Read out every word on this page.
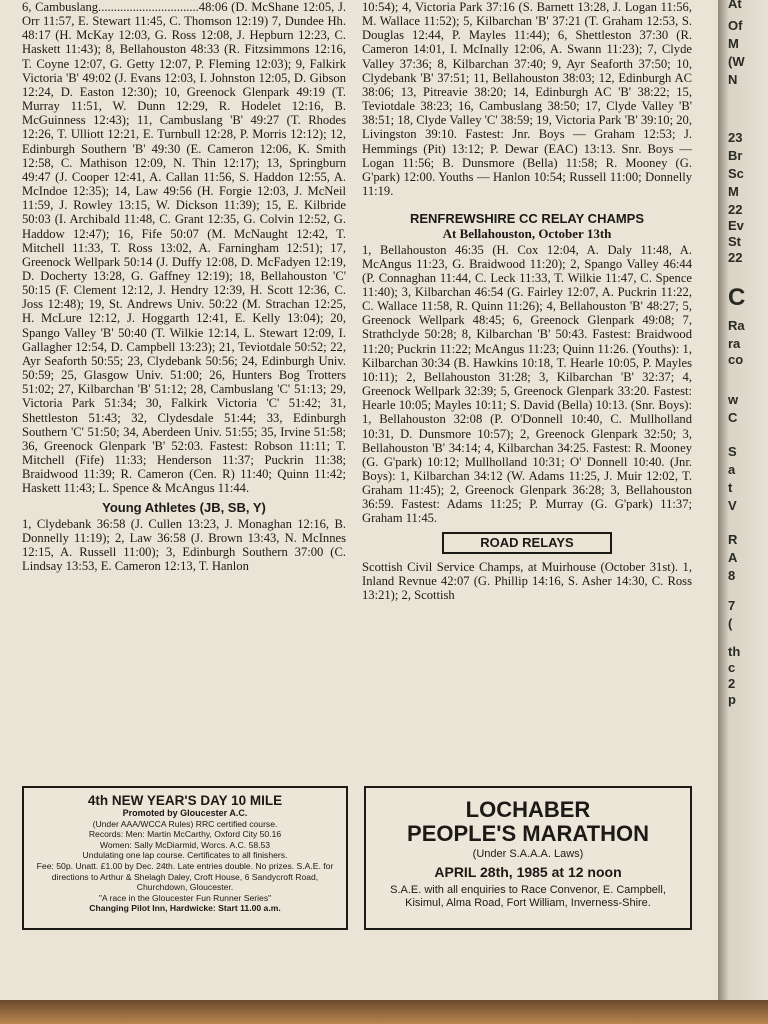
6, Cambuslang................................48:06 (D. McShane 12:05, J. Orr 11:57, E. Stewart 11:45, C. Thomson 12:19) 7, Dundee Hh. 48:17 (H. McKay 12:03, G. Ross 12:08, J. Hepburn 12:23, C. Haskett 11:43); 8, Bellahouston 48:33 (R. Fitzsimmons 12:16, T. Coyne 12:07, G. Getty 12:07, P. Fleming 12:03); 9, Falkirk Victoria 'B' 49:02 (J. Evans 12:03, I. Johnston 12:05, D. Gibson 12:24, D. Easton 12:30); 10, Greenock Glenpark 49:19 (T. Murray 11:51, W. Dunn 12:29, R. Hodelet 12:16, B. McGuinness 12:43); 11, Cambuslang 'B' 49:27 (T. Rhodes 12:26, T. Ulliott 12:21, E. Turnbull 12:28, P. Morris 12:12); 12, Edinburgh Southern 'B' 49:30 (E. Cameron 12:06, K. Smith 12:58, C. Mathison 12:09, N. Thin 12:17); 13, Springburn 49:47 (J. Cooper 12:41, A. Callan 11:56, S. Haddon 12:55, A. McIndoe 12:35); 14, Law 49:56 (H. Forgie 12:03, J. McNeil 11:59, J. Rowley 13:15, W. Dickson 11:39); 15, E. Kilbride 50:03 (I. Archibald 11:48, C. Grant 12:35, G. Colvin 12:52, G. Haddow 12:47); 16, Fife 50:07 (M. McNaught 12:42, T. Mitchell 11:33, T. Ross 13:02, A. Farningham 12:51); 17, Greenock Wellpark 50:14 (J. Duffy 12:08, D. McFadyen 12:19, D. Docherty 13:28, G. Gaffney 12:19); 18, Bellahouston 'C' 50:15 (F. Clement 12:12, J. Hendry 12:39, H. Scott 12:36, C. Joss 12:48); 19, St. Andrews Univ. 50:22 (M. Strachan 12:25, H. McLure 12:12, J. Hoggarth 12:41, E. Kelly 13:04); 20, Spango Valley 'B' 50:40 (T. Wilkie 12:14, L. Stewart 12:09, I. Gallagher 12:54, D. Campbell 13:23); 21, Teviotdale 50:52; 22, Ayr Seaforth 50:55; 23, Clydebank 50:56; 24, Edinburgh Univ. 50:59; 25, Glasgow Univ. 51:00; 26, Hunters Bog Trotters 51:02; 27, Kilbarchan 'B' 51:12; 28, Cambuslang 'C' 51:13; 29, Victoria Park 51:34; 30, Falkirk Victoria 'C' 51:42; 31, Shettleston 51:43; 32, Clydesdale 51:44; 33, Edinburgh Southern 'C' 51:50; 34, Aberdeen Univ. 51:55; 35, Irvine 51:58; 36, Greenock Glenpark 'B' 52:03. Fastest: Robson 11:11; T. Mitchell (Fife) 11:33; Henderson 11:37; Puckrin 11:38; Braidwood 11:39; R. Cameron (Cen. R) 11:40; Quinn 11:42; Haskett 11:43; L. Spence & McAngus 11:44.

Young Athletes (JB, SB, Y)

1, Clydebank 36:58 (J. Cullen 13:23, J. Monaghan 12:16, B. Donnelly 11:19); 2, Law 36:58 (J. Brown 13:43, N. McInnes 12:15, A. Russell 11:00); 3, Edinburgh Southern 37:00 (C. Lindsay 13:53, E. Cameron 12:13, T. Hanlon

10:54); 4, Victoria Park 37:16 (S. Barnett 13:28, J. Logan 11:56, M. Wallace 11:52); 5, Kilbarchan 'B' 37:21 (T. Graham 12:53, S. Douglas 12:44, P. Mayles 11:44); 6, Shettleston 37:30 (R. Cameron 14:01, I. McInally 12:06, A. Swann 11:23); 7, Clyde Valley 37:36; 8, Kilbarchan 37:40; 9, Ayr Seaforth 37:50; 10, Clydebank 'B' 37:51; 11, Bellahouston 38:03; 12, Edinburgh AC 38:06; 13, Pitreavie 38:20; 14, Edinburgh AC 'B' 38:22; 15, Teviotdale 38:23; 16, Cambuslang 38:50; 17, Clyde Valley 'B' 38:51; 18, Clyde Valley 'C' 38:59; 19, Victoria Park 'B' 39:10; 20, Livingston 39:10. Fastest: Jnr. Boys — Graham 12:53; J. Hemmings (Pit) 13:12; P. Dewar (EAC) 13:13. Snr. Boys — Logan 11:56; B. Dunsmore (Bella) 11:58; R. Mooney (G. G'park) 12:00. Youths — Hanlon 10:54; Russell 11:00; Donnelly 11:19.

RENFREWSHIRE CC RELAY CHAMPS
At Bellahouston, October 13th

1, Bellahouston 46:35 (H. Cox 12:04, A. Daly 11:48, A. McAngus 11:23, G. Braidwood 11:20); 2, Spango Valley 46:44 (P. Connaghan 11:44, C. Leck 11:33, T. Wilkie 11:47, C. Spence 11:40); 3, Kilbarchan 46:54 (G. Fairley 12:07, A. Puckrin 11:22, C. Wallace 11:58, R. Quinn 11:26); 4, Bellahouston 'B' 48:27; 5, Greenock Wellpark 48:45; 6, Greenock Glenpark 49:08; 7, Strathclyde 50:28; 8, Kilbarchan 'B' 50:43. Fastest: Braidwood 11:20; Puckrin 11:22; McAngus 11:23; Quinn 11:26. (Youths): 1, Kilbarchan 30:34 (B. Hawkins 10:18, T. Hearle 10:05, P. Mayles 10:11); 2, Bellahouston 31:28; 3, Kilbarchan 'B' 32:37; 4, Greenock Wellpark 32:39; 5, Greenock Glenpark 33:20. Fastest: Hearle 10:05; Mayles 10:11; S. David (Bella) 10:13. (Snr. Boys): 1, Bellahouston 32:08 (P. O'Donnell 10:40, C. Mullholland 10:31, D. Dunsmore 10:57); 2, Greenock Glenpark 32:50; 3, Bellahouston 'B' 34:14; 4, Kilbarchan 34:25. Fastest: R. Mooney (G. G'park) 10:12; Mullholland 10:31; O' Donnell 10:40. (Jnr. Boys): 1, Kilbarchan 34:12 (W. Adams 11:25, J. Muir 12:02, T. Graham 11:45); 2, Greenock Glenpark 36:28; 3, Bellahouston 36:59. Fastest: Adams 11:25; P. Murray (G. G'park) 11:37; Graham 11:45.

ROAD RELAYS

Scottish Civil Service Champs, at Muirhouse (October 31st). 1, Inland Revnue 42:07 (G. Phillip 14:16, S. Asher 14:30, C. Ross 13:21); 2, Scottish

4th NEW YEAR'S DAY 10 MILE
Promoted by Gloucester A.C.
(Under AAA/WCCA Rules) RRC certified course.
Records: Men: Martin McCarthy, Oxford City 50.16
Women: Sally McDiarmid, Worcs. A.C. 58.53
Undulating one lap course. Certificates to all finishers.
Fee: 50p. Unatt. £1.00 by Dec. 24th. Late entries double. No prizes. S.A.E. for directions to Arthur & Shelagh Daley, Croft House, 6 Sandycroft Road, Churchdown, Gloucester.
"A race in the Gloucester Fun Runner Series"
Changing Pilot Inn, Hardwicke: Start 11.00 a.m.
LOCHABER
PEOPLE'S MARATHON
(Under S.A.A.A. Laws)
APRIL 28th, 1985 at 12 noon
S.A.E. with all enquiries to Race Convenor, E. Campbell, Kisimul, Alma Road, Fort William, Inverness-Shire.
At
Of
M
(W
N
23
Br
Sc
M
22
Ev
St
22
C
Ra
ra
co
w
C
S
a
t
V
R
A
8
7
(
th
c
2
p
